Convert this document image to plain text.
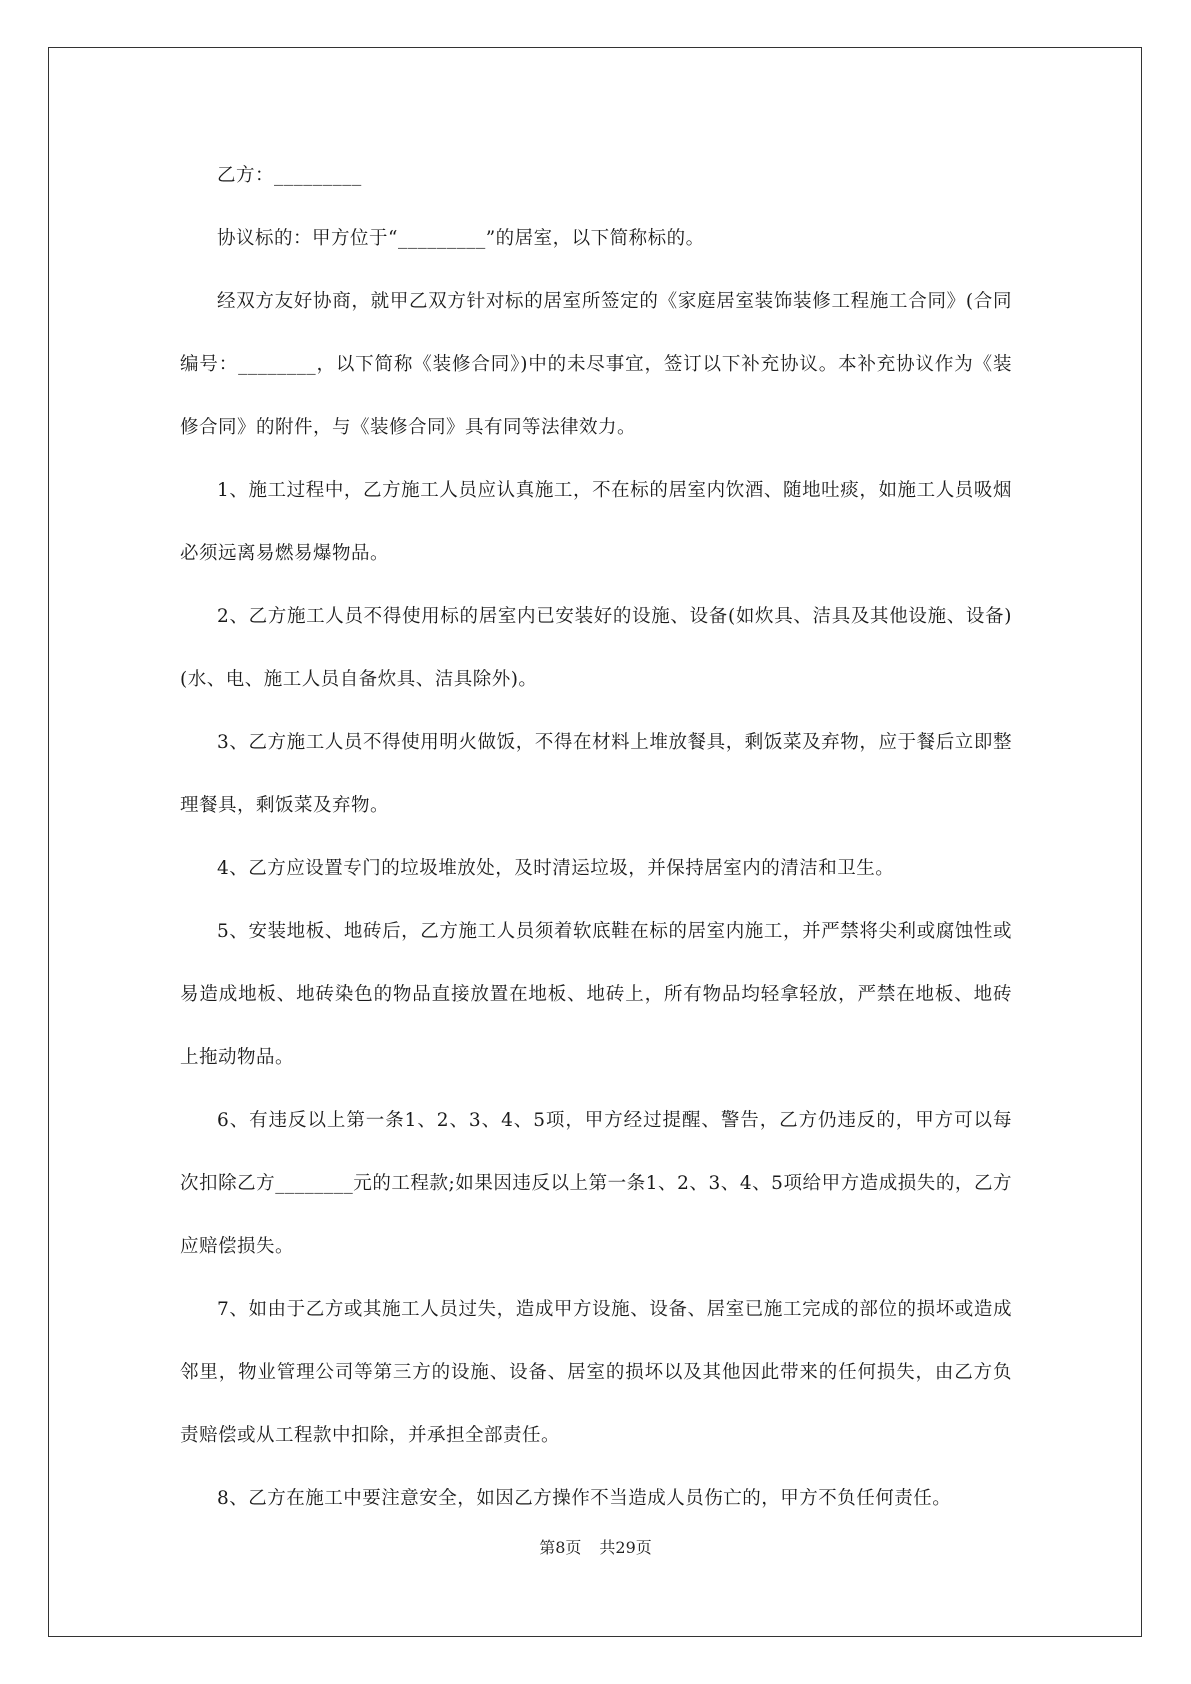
乙方：_________

协议标的：甲方位于“_________”的居室，以下简称标的。

经双方友好协商，就甲乙双方针对标的居室所签定的《家庭居室装饰装修工程施工合同》(合同编号：________，以下简称《装修合同》)中的未尽事宜，签订以下补充协议。本补充协议作为《装修合同》的附件，与《装修合同》具有同等法律效力。

1、施工过程中，乙方施工人员应认真施工，不在标的居室内饮酒、随地吐痰，如施工人员吸烟必须远离易燃易爆物品。

2、乙方施工人员不得使用标的居室内已安装好的设施、设备(如炊具、洁具及其他设施、设备)(水、电、施工人员自备炊具、洁具除外)。

3、乙方施工人员不得使用明火做饭，不得在材料上堆放餐具，剩饭菜及弃物，应于餐后立即整理餐具，剩饭菜及弃物。

4、乙方应设置专门的垃圾堆放处，及时清运垃圾，并保持居室内的清洁和卫生。

5、安装地板、地砖后，乙方施工人员须着软底鞋在标的居室内施工，并严禁将尖利或腐蚀性或易造成地板、地砖染色的物品直接放置在地板、地砖上，所有物品均轻拿轻放，严禁在地板、地砖上拖动物品。

6、有违反以上第一条1、2、3、4、5项，甲方经过提醒、警告，乙方仍违反的，甲方可以每次扣除乙方________元的工程款;如果因违反以上第一条1、2、3、4、5项给甲方造成损失的，乙方应赔偿损失。

7、如由于乙方或其施工人员过失，造成甲方设施、设备、居室已施工完成的部位的损坏或造成邻里，物业管理公司等第三方的设施、设备、居室的损坏以及其他因此带来的任何损失，由乙方负责赔偿或从工程款中扣除，并承担全部责任。

8、乙方在施工中要注意安全，如因乙方操作不当造成人员伤亡的，甲方不负任何责任。

第8页 共29页
